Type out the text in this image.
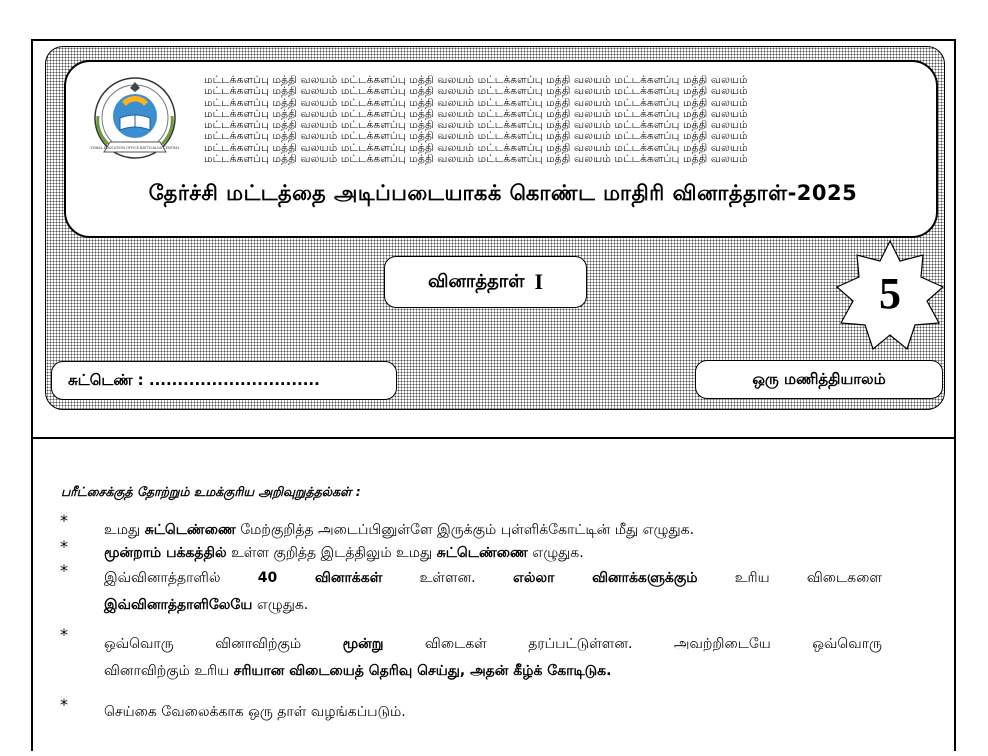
ZONAL EDUCATION OFFICE BATTICALOA CENTRAL
மட்டக்களப்பு மத்தி வலயம் மட்டக்களப்பு மத்தி வலயம் மட்டக்களப்பு மத்தி வலயம் மட்டக்களப்பு மத்தி வலயம்
மட்டக்களப்பு மத்தி வலயம் மட்டக்களப்பு மத்தி வலயம் மட்டக்களப்பு மத்தி வலயம் மட்டக்களப்பு மத்தி வலயம்
மட்டக்களப்பு மத்தி வலயம் மட்டக்களப்பு மத்தி வலயம் மட்டக்களப்பு மத்தி வலயம் மட்டக்களப்பு மத்தி வலயம்
மட்டக்களப்பு மத்தி வலயம் மட்டக்களப்பு மத்தி வலயம் மட்டக்களப்பு மத்தி வலயம் மட்டக்களப்பு மத்தி வலயம்
மட்டக்களப்பு மத்தி வலயம் மட்டக்களப்பு மத்தி வலயம் மட்டக்களப்பு மத்தி வலயம் மட்டக்களப்பு மத்தி வலயம்
மட்டக்களப்பு மத்தி வலயம் மட்டக்களப்பு மத்தி வலயம் மட்டக்களப்பு மத்தி வலயம் மட்டக்களப்பு மத்தி வலயம்
மட்டக்களப்பு மத்தி வலயம் மட்டக்களப்பு மத்தி வலயம் மட்டக்களப்பு மத்தி வலயம் மட்டக்களப்பு மத்தி வலயம்
மட்டக்களப்பு மத்தி வலயம் மட்டக்களப்பு மத்தி வலயம் மட்டக்களப்பு மத்தி வலயம் மட்டக்களப்பு மத்தி வலயம்
தேர்ச்சி மட்டத்தை அடிப்படையாகக் கொண்ட மாதிரி வினாத்தாள்-2025
வினாத்தாள் I	5
சுட்டெண் : ..............................	ஒரு மணித்தியாலம்
பரீட்சைக்குத் தோற்றும் உமக்குரிய அறிவுறுத்தல்கள் :
*	உமது சுட்டெண்ணை மேற்குறித்த அடைப்பினுள்ளே இருக்கும் புள்ளிக்கோட்டின் மீது எழுதுக.
*	மூன்றாம் பக்கத்தில் உள்ள குறித்த இடத்திலும் உமது சுட்டெண்ணை எழுதுக.
*	இவ்வினாத்தாளில்	40 வினாக்கள்	உள்ளன.	எல்லா வினாக்களுக்கும்	உரிய விடைகளை
இவ்வினாத்தாளிலேயே எழுதுக.
*	ஒவ்வொரு வினாவிற்கும்	மூன்று	விடைகள் தரப்பட்டுள்ளன. அவற்றிடையே ஒவ்வொரு
வினாவிற்கும் உரிய சரியான விடையைத் தெரிவு செய்து, அதன் கீழ்க் கோடிடுக.
*	செய்கை வேலைக்காக ஒரு தாள் வழங்கப்படும்.
